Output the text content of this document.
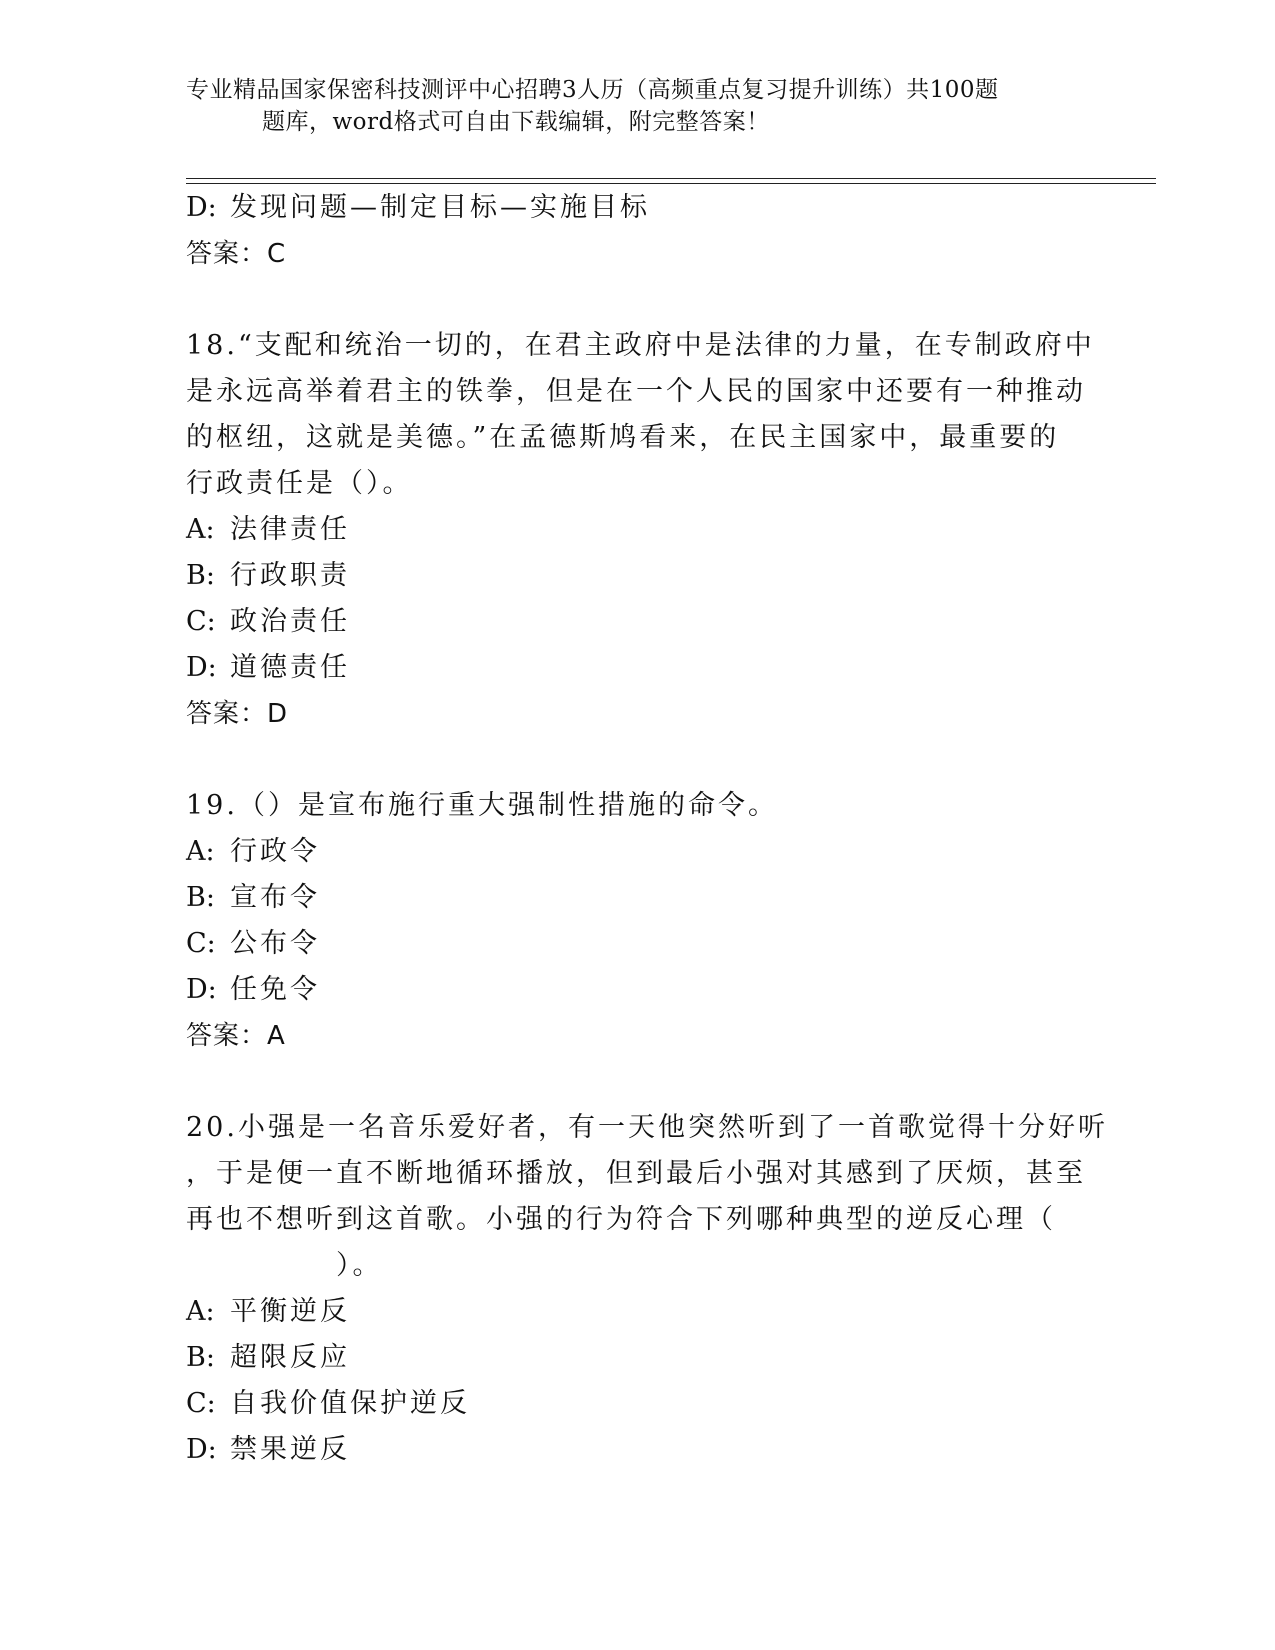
专业精品国家保密科技测评中心招聘3人历（高频重点复习提升训练）共100题
题库，word格式可自由下载编辑，附完整答案！
D: 发现问题—制定目标—实施目标
答案：C
18.“支配和统治一切的，在君主政府中是法律的力量，在专制政府中
是永远高举着君主的铁拳，但是在一个人民的国家中还要有一种推动
的枢纽，这就是美德。”在孟德斯鸠看来，在民主国家中，最重要的
行政责任是（）。
A: 法律责任
B: 行政职责
C: 政治责任
D: 道德责任
答案：D
19.（）是宣布施行重大强制性措施的命令。
A: 行政令
B: 宣布令
C: 公布令
D: 任免令
答案：A
20.小强是一名音乐爱好者，有一天他突然听到了一首歌觉得十分好听
，于是便一直不断地循环播放，但到最后小强对其感到了厌烦，甚至
再也不想听到这首歌。小强的行为符合下列哪种典型的逆反心理（
　　　　　）。
A: 平衡逆反
B: 超限反应
C: 自我价值保护逆反
D: 禁果逆反
